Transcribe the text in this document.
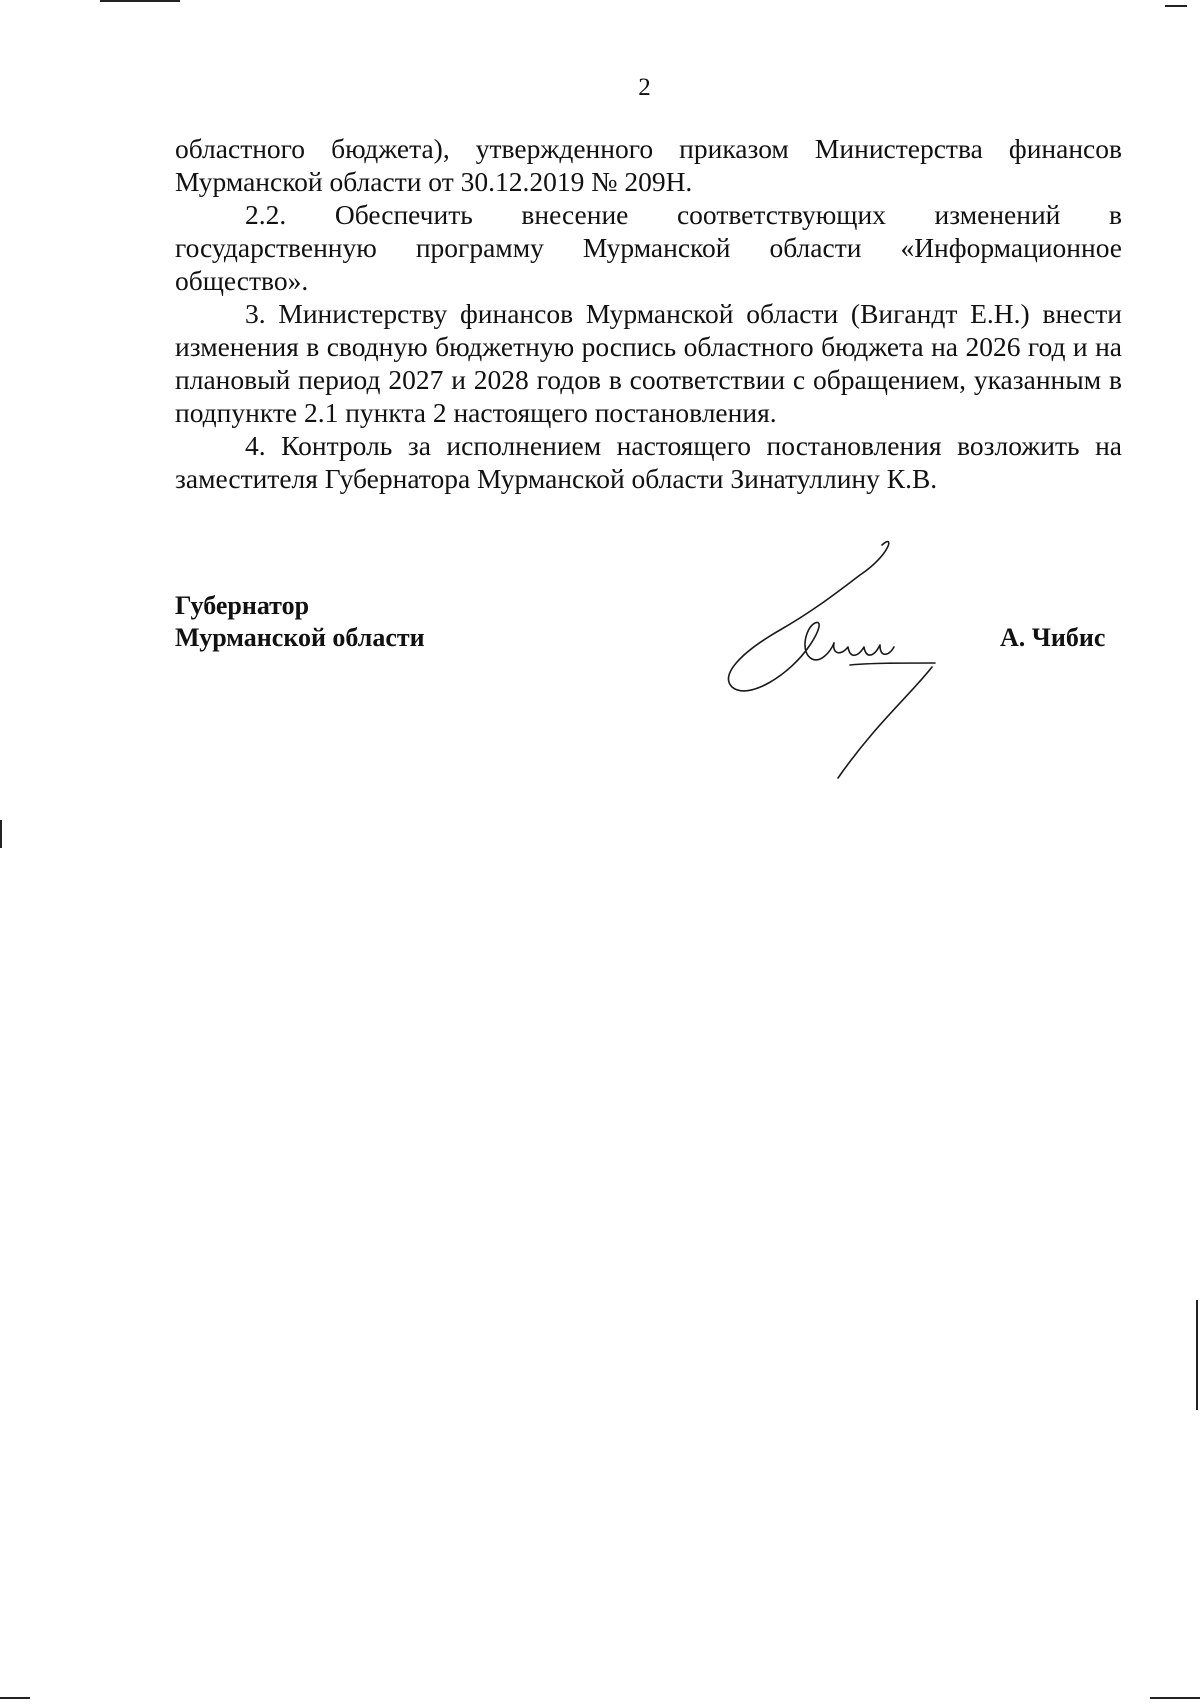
2

областного бюджета), утвержденного приказом Министерства финансов Мурманской области от 30.12.2019 № 209Н.

2.2. Обеспечить внесение соответствующих изменений в государственную программу Мурманской области «Информационное общество».

3. Министерству финансов Мурманской области (Вигандт Е.Н.) внести изменения в сводную бюджетную роспись областного бюджета на 2026 год и на плановый период 2027 и 2028 годов в соответствии с обращением, указанным в подпункте 2.1 пункта 2 настоящего постановления.

4. Контроль за исполнением настоящего постановления возложить на заместителя Губернатора Мурманской области Зинатуллину К.В.

Губернатор
Мурманской области	А. Чибис
